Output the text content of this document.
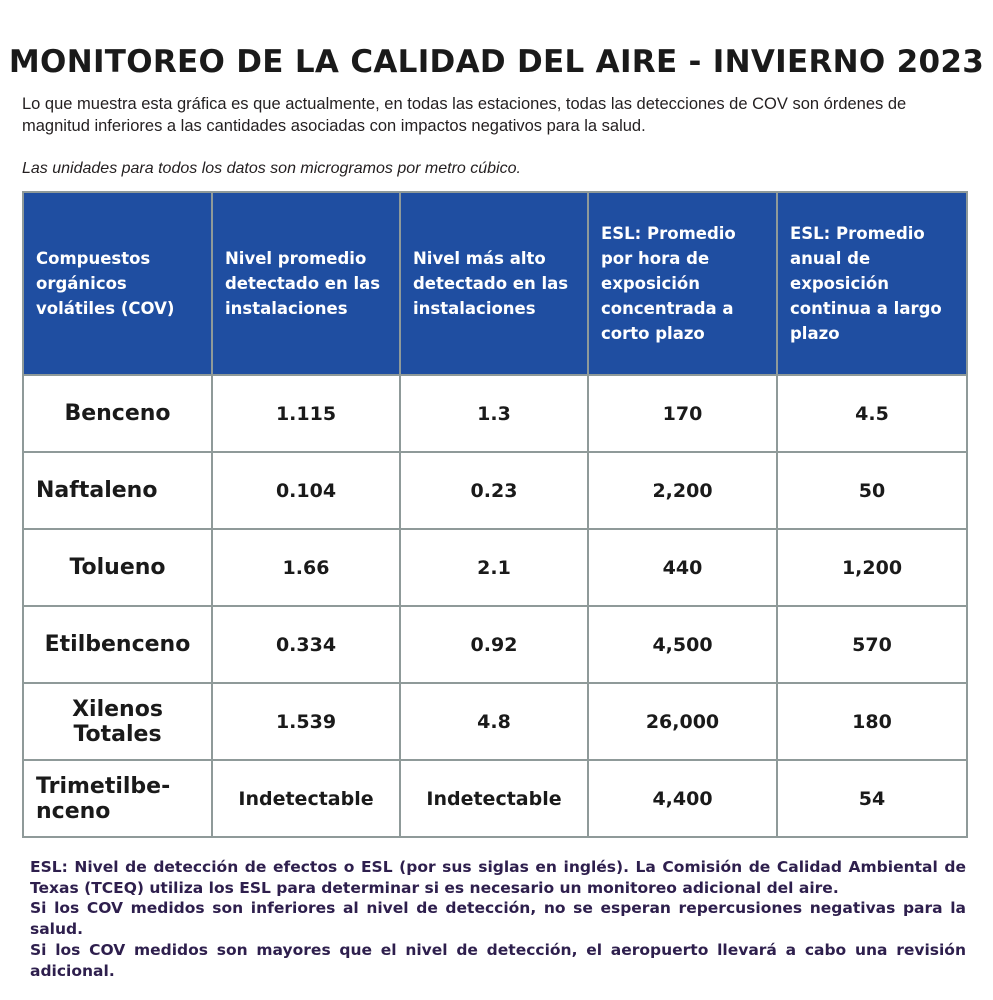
MONITOREO DE LA CALIDAD DEL AIRE - INVIERNO 2023
Lo que muestra esta gráfica es que actualmente, en todas las estaciones, todas las detecciones de COV son órdenes de magnitud inferiores a las cantidades asociadas con impactos negativos para la salud.
Las unidades para todos los datos son microgramos por metro cúbico.
Compuestos orgánicos volátiles (COV)	Nivel promedio detectado en las instalaciones	Nivel más alto detectado en las instalaciones	ESL: Promedio por hora de exposición concentrada a corto plazo	ESL: Promedio anual de exposición continua a largo plazo
Benceno	1.115	1.3	170	4.5
Naftaleno	0.104	0.23	2,200	50
Tolueno	1.66	2.1	440	1,200
Etilbenceno	0.334	0.92	4,500	570
Xilenos Totales	1.539	4.8	26,000	180
Trimetilbe-nceno	Indetectable	Indetectable	4,400	54

ESL: Nivel de detección de efectos o ESL (por sus siglas en inglés). La Comisión de Calidad Ambiental de Texas (TCEQ) utiliza los ESL para determinar si es necesario un monitoreo adicional del aire.

Si los COV medidos son inferiores al nivel de detección, no se esperan repercusiones negativas para la salud.

Si los COV medidos son mayores que el nivel de detección, el aeropuerto llevará a cabo una revisión adicional.
